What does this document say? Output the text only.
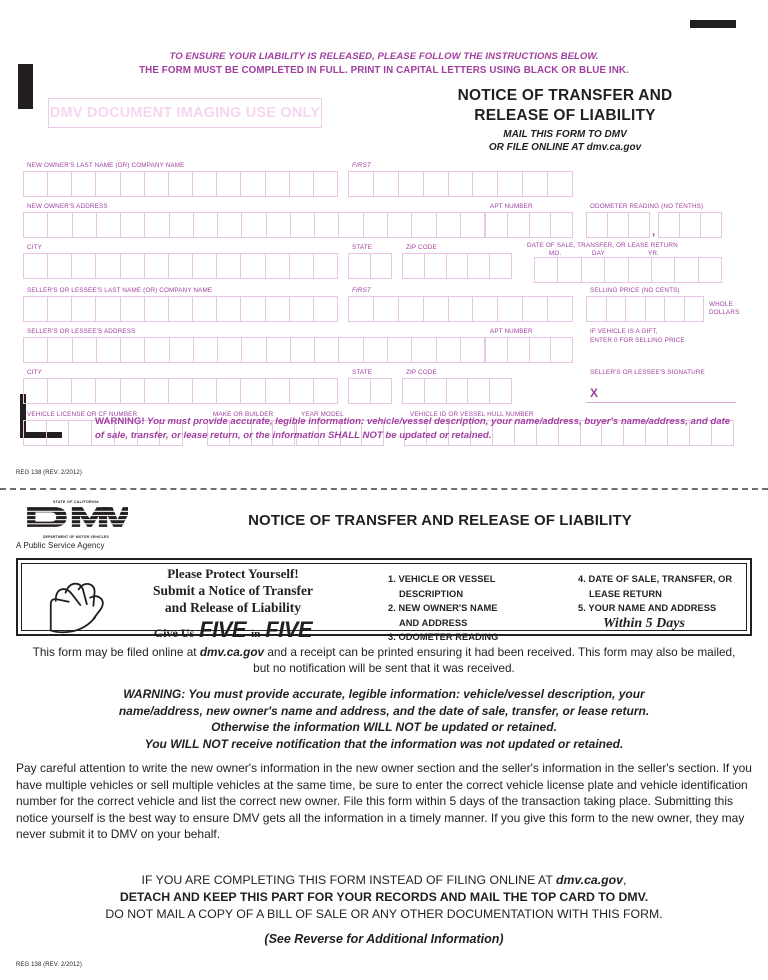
TO ENSURE YOUR LIABILITY IS RELEASED, PLEASE FOLLOW THE INSTRUCTIONS BELOW.
THE FORM MUST BE COMPLETED IN FULL. PRINT IN CAPITAL LETTERS USING BLACK OR BLUE INK.
DMV DOCUMENT IMAGING USE ONLY
NOTICE OF TRANSFER AND
RELEASE OF LIABILITY
MAIL THIS FORM TO DMV
OR FILE ONLINE AT dmv.ca.gov
NEW OWNER'S LAST NAME (OR) COMPANY NAME	FIRST
NEW OWNER'S ADDRESS	APT NUMBER	ODOMETER READING (NO TENTHS)
,
CITY	STATE	ZIP CODE	DATE OF SALE, TRANSFER, OR LEASE RETURN
MO.	DAY	YR.
SELLER'S OR LESSEE'S LAST NAME (OR) COMPANY NAME	FIRST	SELLING PRICE (NO CENTS)
WHOLE
DOLLARS
SELLER'S OR LESSEE'S ADDRESS	APT NUMBER	IF VEHICLE IS A GIFT,
ENTER 0 FOR SELLING PRICE
CITY	STATE	ZIP CODE	SELLER'S OR LESSEE'S SIGNATURE
X
VEHICLE LICENSE OR CF NUMBER	MAKE OR BUILDER	YEAR MODEL	VEHICLE ID OR VESSEL HULL NUMBER
WARNING! You must provide accurate, legible information: vehicle/vessel description, your name/address, buyer's name/address, and date of sale, transfer, or lease return, or the information SHALL NOT be updated or retained.
REG 138 (REV. 2/2012)
STATE OF CALIFORNIA
DEPARTMENT OF MOTOR VEHICLES
A Public Service Agency
NOTICE OF TRANSFER AND RELEASE OF LIABILITY
Please Protect Yourself!
Submit a Notice of Transfer
and Release of Liability
Give Us FIVE in FIVE
1. VEHICLE OR VESSEL
DESCRIPTION
2. NEW OWNER'S NAME
AND ADDRESS
3. ODOMETER READING
4. DATE OF SALE, TRANSFER, OR
LEASE RETURN
5. YOUR NAME AND ADDRESS
Within 5 Days
This form may be filed online at dmv.ca.gov and a receipt can be printed ensuring it had been received. This form may also be mailed, but no notification will be sent that it was received.
WARNING: You must provide accurate, legible information: vehicle/vessel description, your
name/address, new owner's name and address, and the date of sale, transfer, or lease return.
Otherwise the information WILL NOT be updated or retained.
You WILL NOT receive notification that the information was not updated or retained.
Pay careful attention to write the new owner's information in the new owner section and the seller's information in the seller's section. If you have multiple vehicles or sell multiple vehicles at the same time, be sure to enter the correct vehicle license plate and vehicle identification number for the correct vehicle and list the correct new owner. File this form within 5 days of the transaction taking place. Submitting this notice yourself is the best way to ensure DMV gets all the information in a timely manner. If you give this form to the new owner, they may never submit it to DMV on your behalf.
IF YOU ARE COMPLETING THIS FORM INSTEAD OF FILING ONLINE AT dmv.ca.gov,
DETACH AND KEEP THIS PART FOR YOUR RECORDS AND MAIL THE TOP CARD TO DMV.
DO NOT MAIL A COPY OF A BILL OF SALE OR ANY OTHER DOCUMENTATION WITH THIS FORM.
(See Reverse for Additional Information)
REG 138 (REV. 2/2012)
